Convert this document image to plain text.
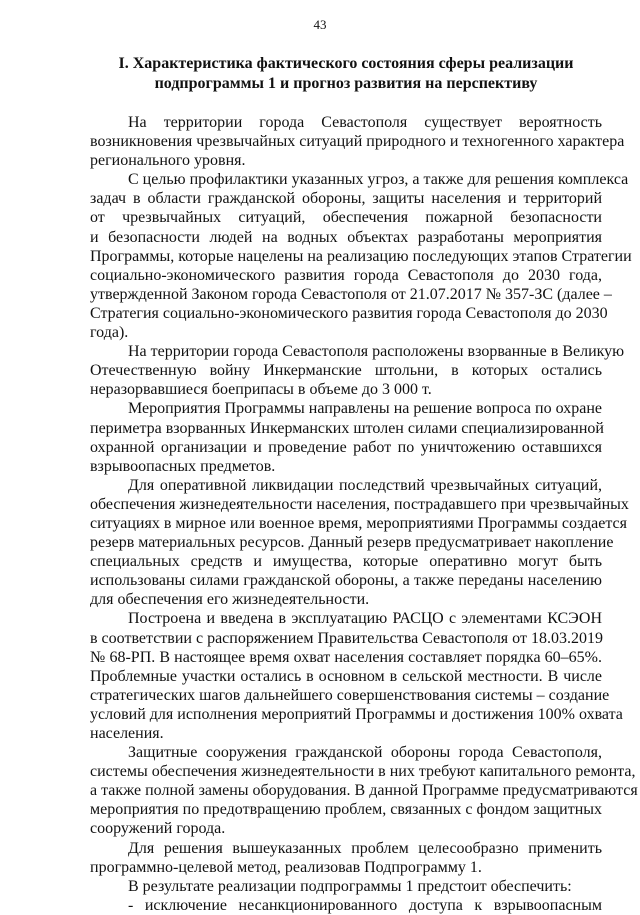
43
I. Характеристика фактического состояния сферы реализации
подпрограммы 1 и прогноз развития на перспективу
На территории города Севастополя существует вероятность
возникновения чрезвычайных ситуаций природного и техногенного характера
регионального уровня.
С целью профилактики указанных угроз, а также для решения комплекса
задач в области гражданской обороны, защиты населения и территорий
от чрезвычайных ситуаций, обеспечения пожарной безопасности
и безопасности людей на водных объектах разработаны мероприятия
Программы, которые нацелены на реализацию последующих этапов Стратегии
социально-экономического развития города Севастополя до 2030 года,
утвержденной Законом города Севастополя от 21.07.2017 № 357-ЗС (далее –
Стратегия социально-экономического развития города Севастополя до 2030
года).
На территории города Севастополя расположены взорванные в Великую
Отечественную войну Инкерманские штольни, в которых остались
неразорвавшиеся боеприпасы в объеме до 3 000 т.
Мероприятия Программы направлены на решение вопроса по охране
периметра взорванных Инкерманских штолен силами специализированной
охранной организации и проведение работ по уничтожению оставшихся
взрывоопасных предметов.
Для оперативной ликвидации последствий чрезвычайных ситуаций,
обеспечения жизнедеятельности населения, пострадавшего при чрезвычайных
ситуациях в мирное или военное время, мероприятиями Программы создается
резерв материальных ресурсов. Данный резерв предусматривает накопление
специальных средств и имущества, которые оперативно могут быть
использованы силами гражданской обороны, а также переданы населению
для обеспечения его жизнедеятельности.
Построена и введена в эксплуатацию РАСЦО с элементами КСЭОН
в соответствии с распоряжением Правительства Севастополя от 18.03.2019
№ 68-РП. В настоящее время охват населения составляет порядка 60–65%.
Проблемные участки остались в основном в сельской местности. В числе
стратегических шагов дальнейшего совершенствования системы – создание
условий для исполнения мероприятий Программы и достижения 100% охвата
населения.
Защитные сооружения гражданской обороны города Севастополя,
системы обеспечения жизнедеятельности в них требуют капитального ремонта,
а также полной замены оборудования. В данной Программе предусматриваются
мероприятия по предотвращению проблем, связанных с фондом защитных
сооружений города.
Для решения вышеуказанных проблем целесообразно применить
программно-целевой метод, реализовав Подпрограмму 1.
В результате реализации подпрограммы 1 предстоит обеспечить:
- исключение несанкционированного доступа к взрывоопасным
